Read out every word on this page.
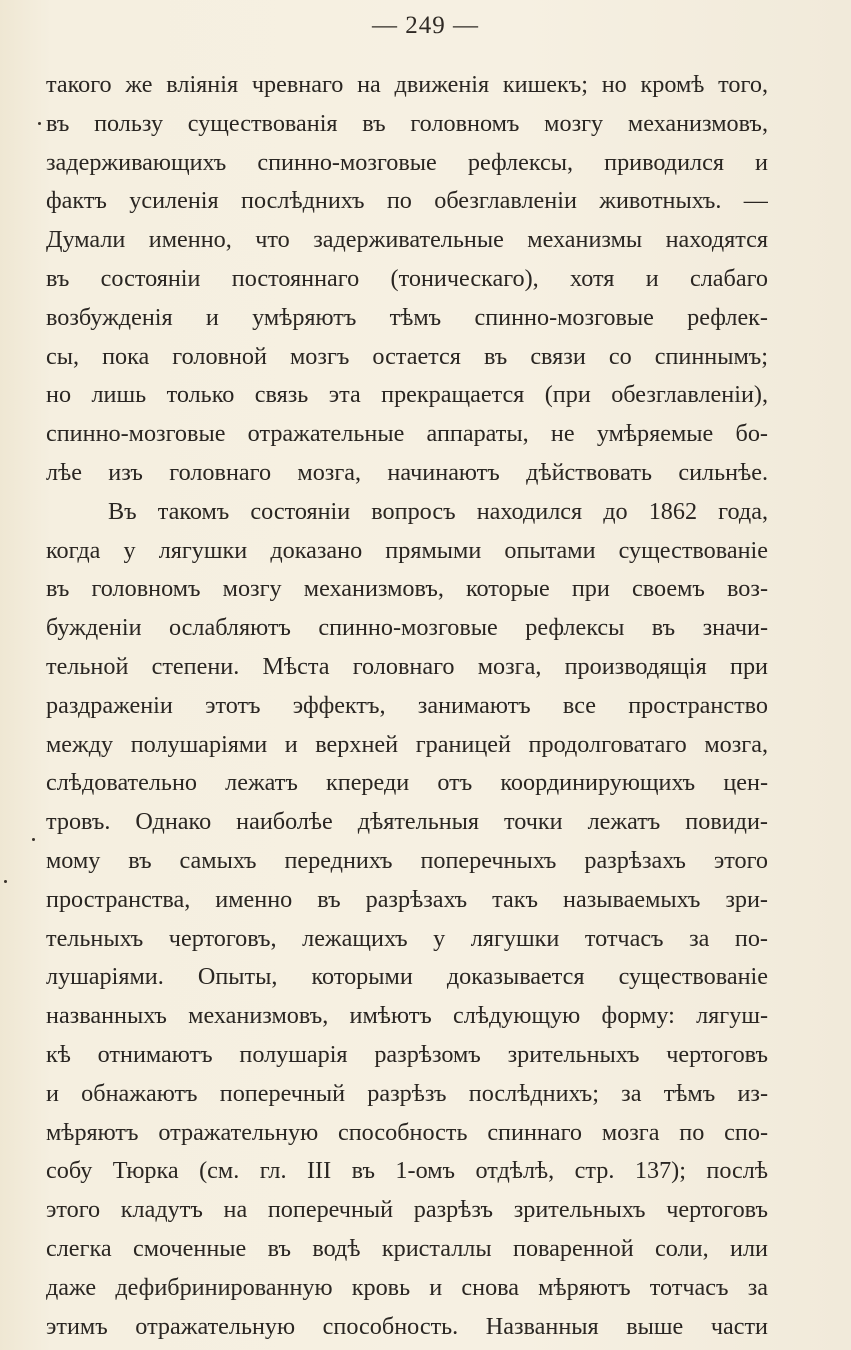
— 249 —
такого же вліянія чревнаго на движенія кишекъ; но кромѣ того,
въ пользу существованія въ головномъ мозгу механизмовъ,
задерживающихъ спинно-мозговые рефлексы, приводился и
фактъ усиленія послѣднихъ по обезглавленіи животныхъ. —
Думали именно, что задерживательные механизмы находятся
въ состояніи постояннаго (тоническаго), хотя и слабаго
возбужденія и умѣряютъ тѣмъ спинно-мозговые рефлек-
сы, пока головной мозгъ остается въ связи со спиннымъ;
но лишь только связь эта прекращается (при обезглавленіи),
спинно-мозговые отражательные аппараты, не умѣряемые бо-
лѣе изъ головнаго мозга, начинаютъ дѣйствовать сильнѣе.
Въ такомъ состояніи вопросъ находился до 1862 года,
когда у лягушки доказано прямыми опытами существованіе
въ головномъ мозгу механизмовъ, которые при своемъ воз-
бужденіи ослабляютъ спинно-мозговые рефлексы въ значи-
тельной степени. Мѣста головнаго мозга, производящія при
раздраженіи этотъ эффектъ, занимаютъ все пространство
между полушаріями и верхней границей продолговатаго мозга,
слѣдовательно лежатъ кпереди отъ координирующихъ цен-
тровъ. Однако наиболѣе дѣятельныя точки лежатъ повиди-
мому въ самыхъ переднихъ поперечныхъ разрѣзахъ этого
пространства, именно въ разрѣзахъ такъ называемыхъ зри-
тельныхъ чертоговъ, лежащихъ у лягушки тотчасъ за по-
лушаріями. Опыты, которыми доказывается существованіе
названныхъ механизмовъ, имѣютъ слѣдующую форму: лягуш-
кѣ отнимаютъ полушарія разрѣзомъ зрительныхъ чертоговъ
и обнажаютъ поперечный разрѣзъ послѣднихъ; за тѣмъ из-
мѣряютъ отражательную способность спиннаго мозга по спо-
собу Тюрка (см. гл. III въ 1-омъ отдѣлѣ, стр. 137); послѣ
этого кладутъ на поперечный разрѣзъ зрительныхъ чертоговъ
слегка смоченные въ водѣ кристаллы поваренной соли, или
даже дефибринированную кровь и снова мѣряютъ тотчасъ за
этимъ отражательную способность. Названныя выше части
